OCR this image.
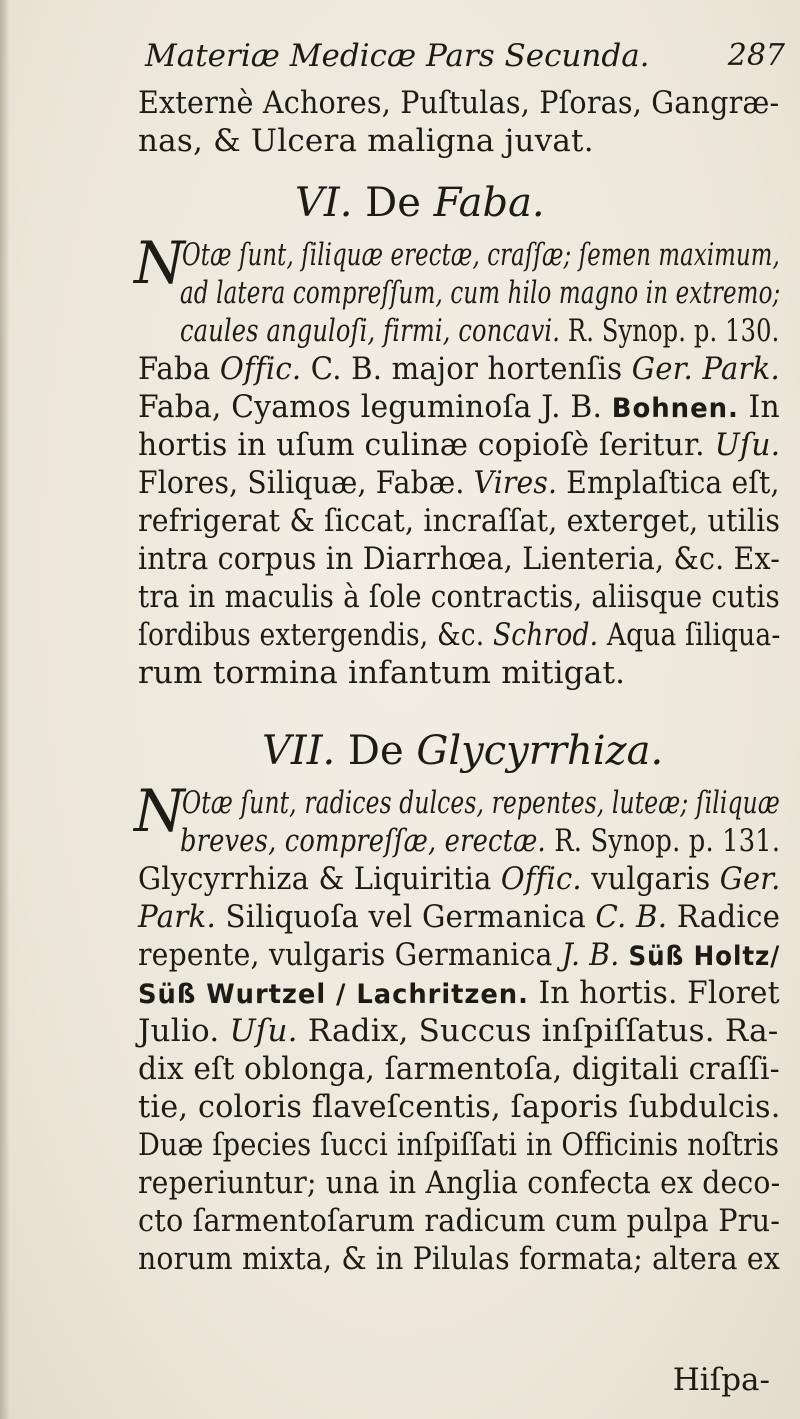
Materiæ Medicæ Pars Secunda.	287
Externè Achores, Puſtulas, Pſoras, Gangræ-
nas, & Ulcera maligna juvat.
VI. De Faba.
N
Otæ ſunt, ſiliquæ erectæ, craſſæ; ſemen maximum,
ad latera compreſſum, cum hilo magno in extremo;
caules anguloſi, firmi, concavi. R. Synop. p. 130.
Faba Offic. C. B. major hortenſis Ger. Park.
Faba, Cyamos leguminoſa J. B. Bohnen. In
hortis in uſum culinæ copioſè ſeritur. Uſu.
Flores, Siliquæ, Fabæ. Vires. Emplaſtica eſt,
refrigerat & ſiccat, incraſſat, exterget, utilis
intra corpus in Diarrhœa, Lienteria, &c. Ex-
tra in maculis à ſole contractis, aliisque cutis
ſordibus extergendis, &c. Schrod. Aqua ſiliqua-
rum tormina infantum mitigat.
VII. De Glycyrrhiza.
N
Otæ ſunt, radices dulces, repentes, luteæ; ſiliquæ
breves, compreſſæ, erectæ. R. Synop. p. 131.
Glycyrrhiza & Liquiritia Offic. vulgaris Ger.
Park. Siliquoſa vel Germanica C. B. Radice
repente, vulgaris Germanica J. B. Süß Holtz/
Süß Wurtzel / Lachritzen. In hortis. Floret
Julio. Uſu. Radix, Succus inſpiſſatus. Ra-
dix eſt oblonga, ſarmentoſa, digitali craſſi-
tie, coloris flaveſcentis, ſaporis ſubdulcis.
Duæ ſpecies ſucci inſpiſſati in Officinis noſtris
reperiuntur; una in Anglia confecta ex deco-
cto ſarmentoſarum radicum cum pulpa Pru-
norum mixta, & in Pilulas formata; altera ex
Hiſpa-
